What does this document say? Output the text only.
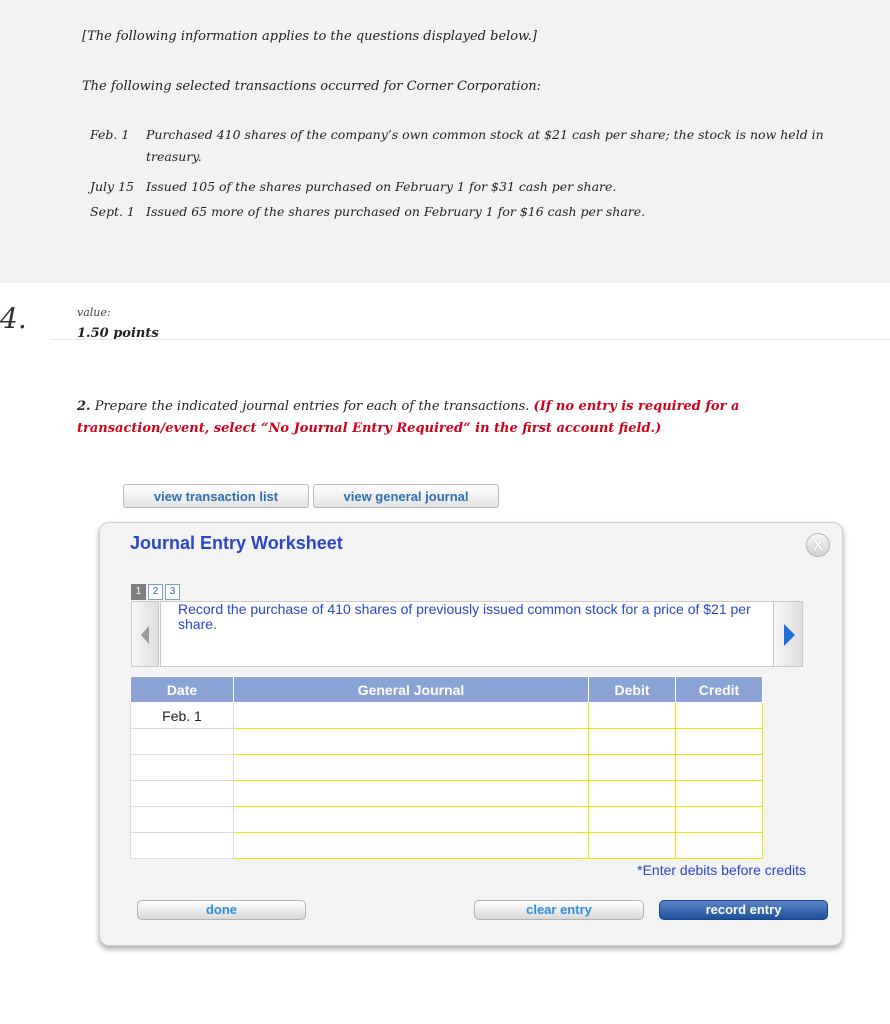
[The following information applies to the questions displayed below.]

The following selected transactions occurred for Corner Corporation:

Feb. 1 Purchased 410 shares of the company’s own common stock at $21 cash per share; the stock is now held in treasury.
July 15 Issued 105 of the shares purchased on February 1 for $31 cash per share.
Sept. 1 Issued 65 more of the shares purchased on February 1 for $16 cash per share.
4.	value:
1.50 points
2. Prepare the indicated journal entries for each of the transactions. (If no entry is required for a transaction/event, select “No Journal Entry Required” in the first account field.)
view transaction list	view general journal
Journal Entry Worksheet	X
1 2 3
Record the purchase of 410 shares of previously issued common stock for a price of $21 per share.
Date	General Journal	Debit	Credit
Feb. 1			

*Enter debits before credits
done	clear entry	record entry
